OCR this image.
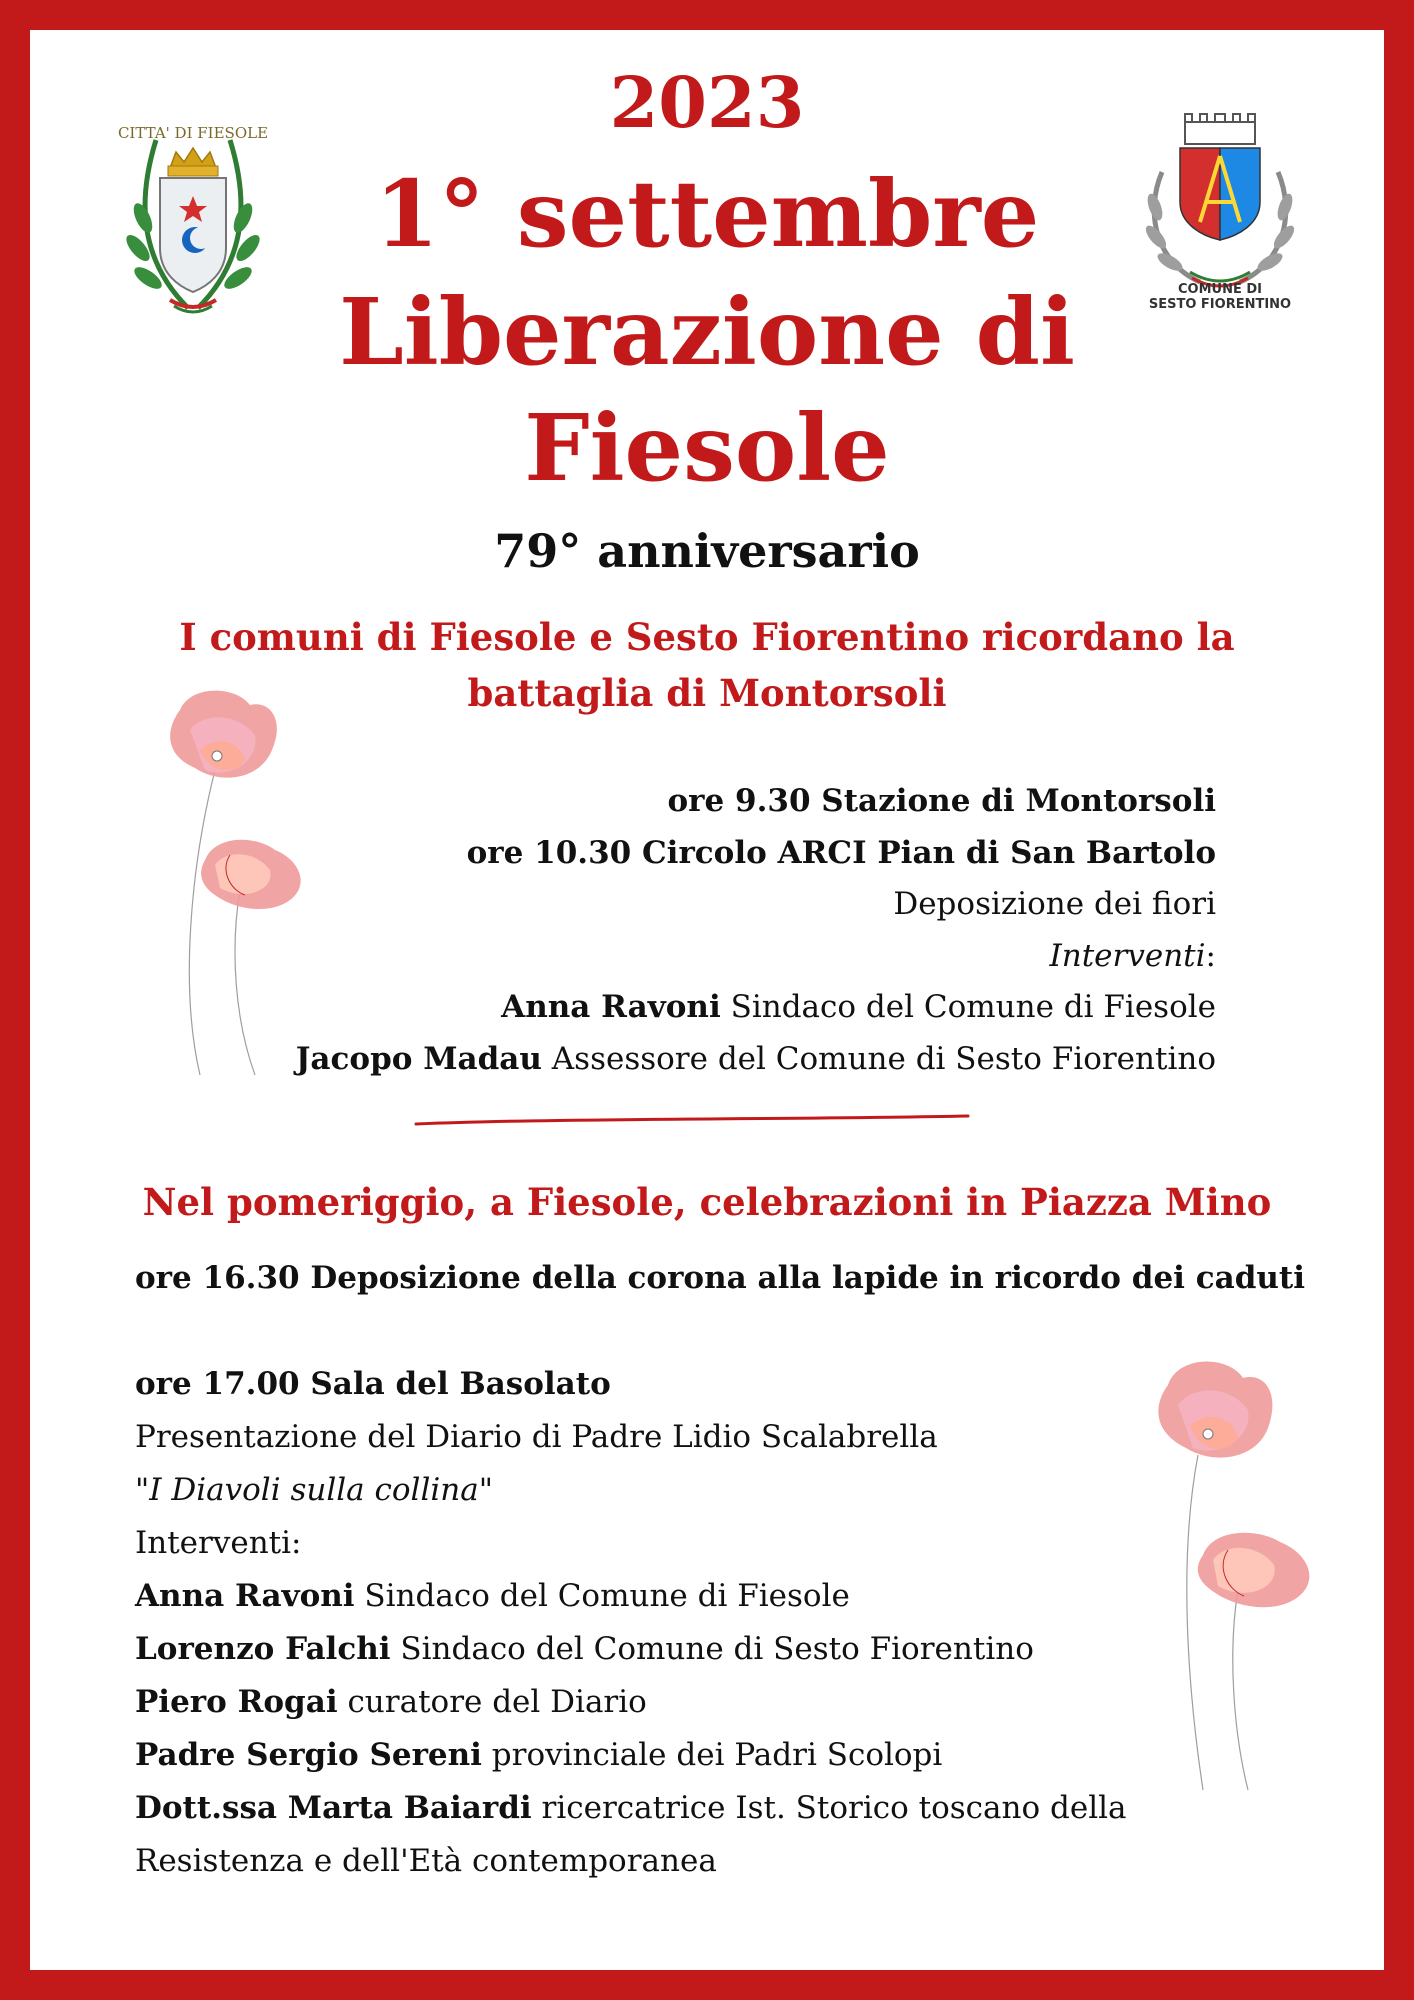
CITTA' DI FIESOLE
COMUNE DI
SESTO FIORENTINO
2023
1° settembre
Liberazione di
Fiesole
79° anniversario
I comuni di Fiesole e Sesto Fiorentino ricordano la
battaglia di Montorsoli
ore 9.30 Stazione di Montorsoli
ore 10.30 Circolo ARCI Pian di San Bartolo
Deposizione dei fiori
Interventi:
Anna Ravoni Sindaco del Comune di Fiesole
Jacopo Madau Assessore del Comune di Sesto Fiorentino
Nel pomeriggio, a Fiesole, celebrazioni in Piazza Mino
ore 16.30 Deposizione della corona alla lapide in ricordo dei caduti
ore 17.00 Sala del Basolato
Presentazione del Diario di Padre Lidio Scalabrella
"I Diavoli sulla collina"
Interventi:
Anna Ravoni Sindaco del Comune di Fiesole
Lorenzo Falchi Sindaco del Comune di Sesto Fiorentino
Piero Rogai curatore del Diario
Padre Sergio Sereni provinciale dei Padri Scolopi
Dott.ssa Marta Baiardi ricercatrice Ist. Storico toscano della
Resistenza e dell'Età contemporanea
